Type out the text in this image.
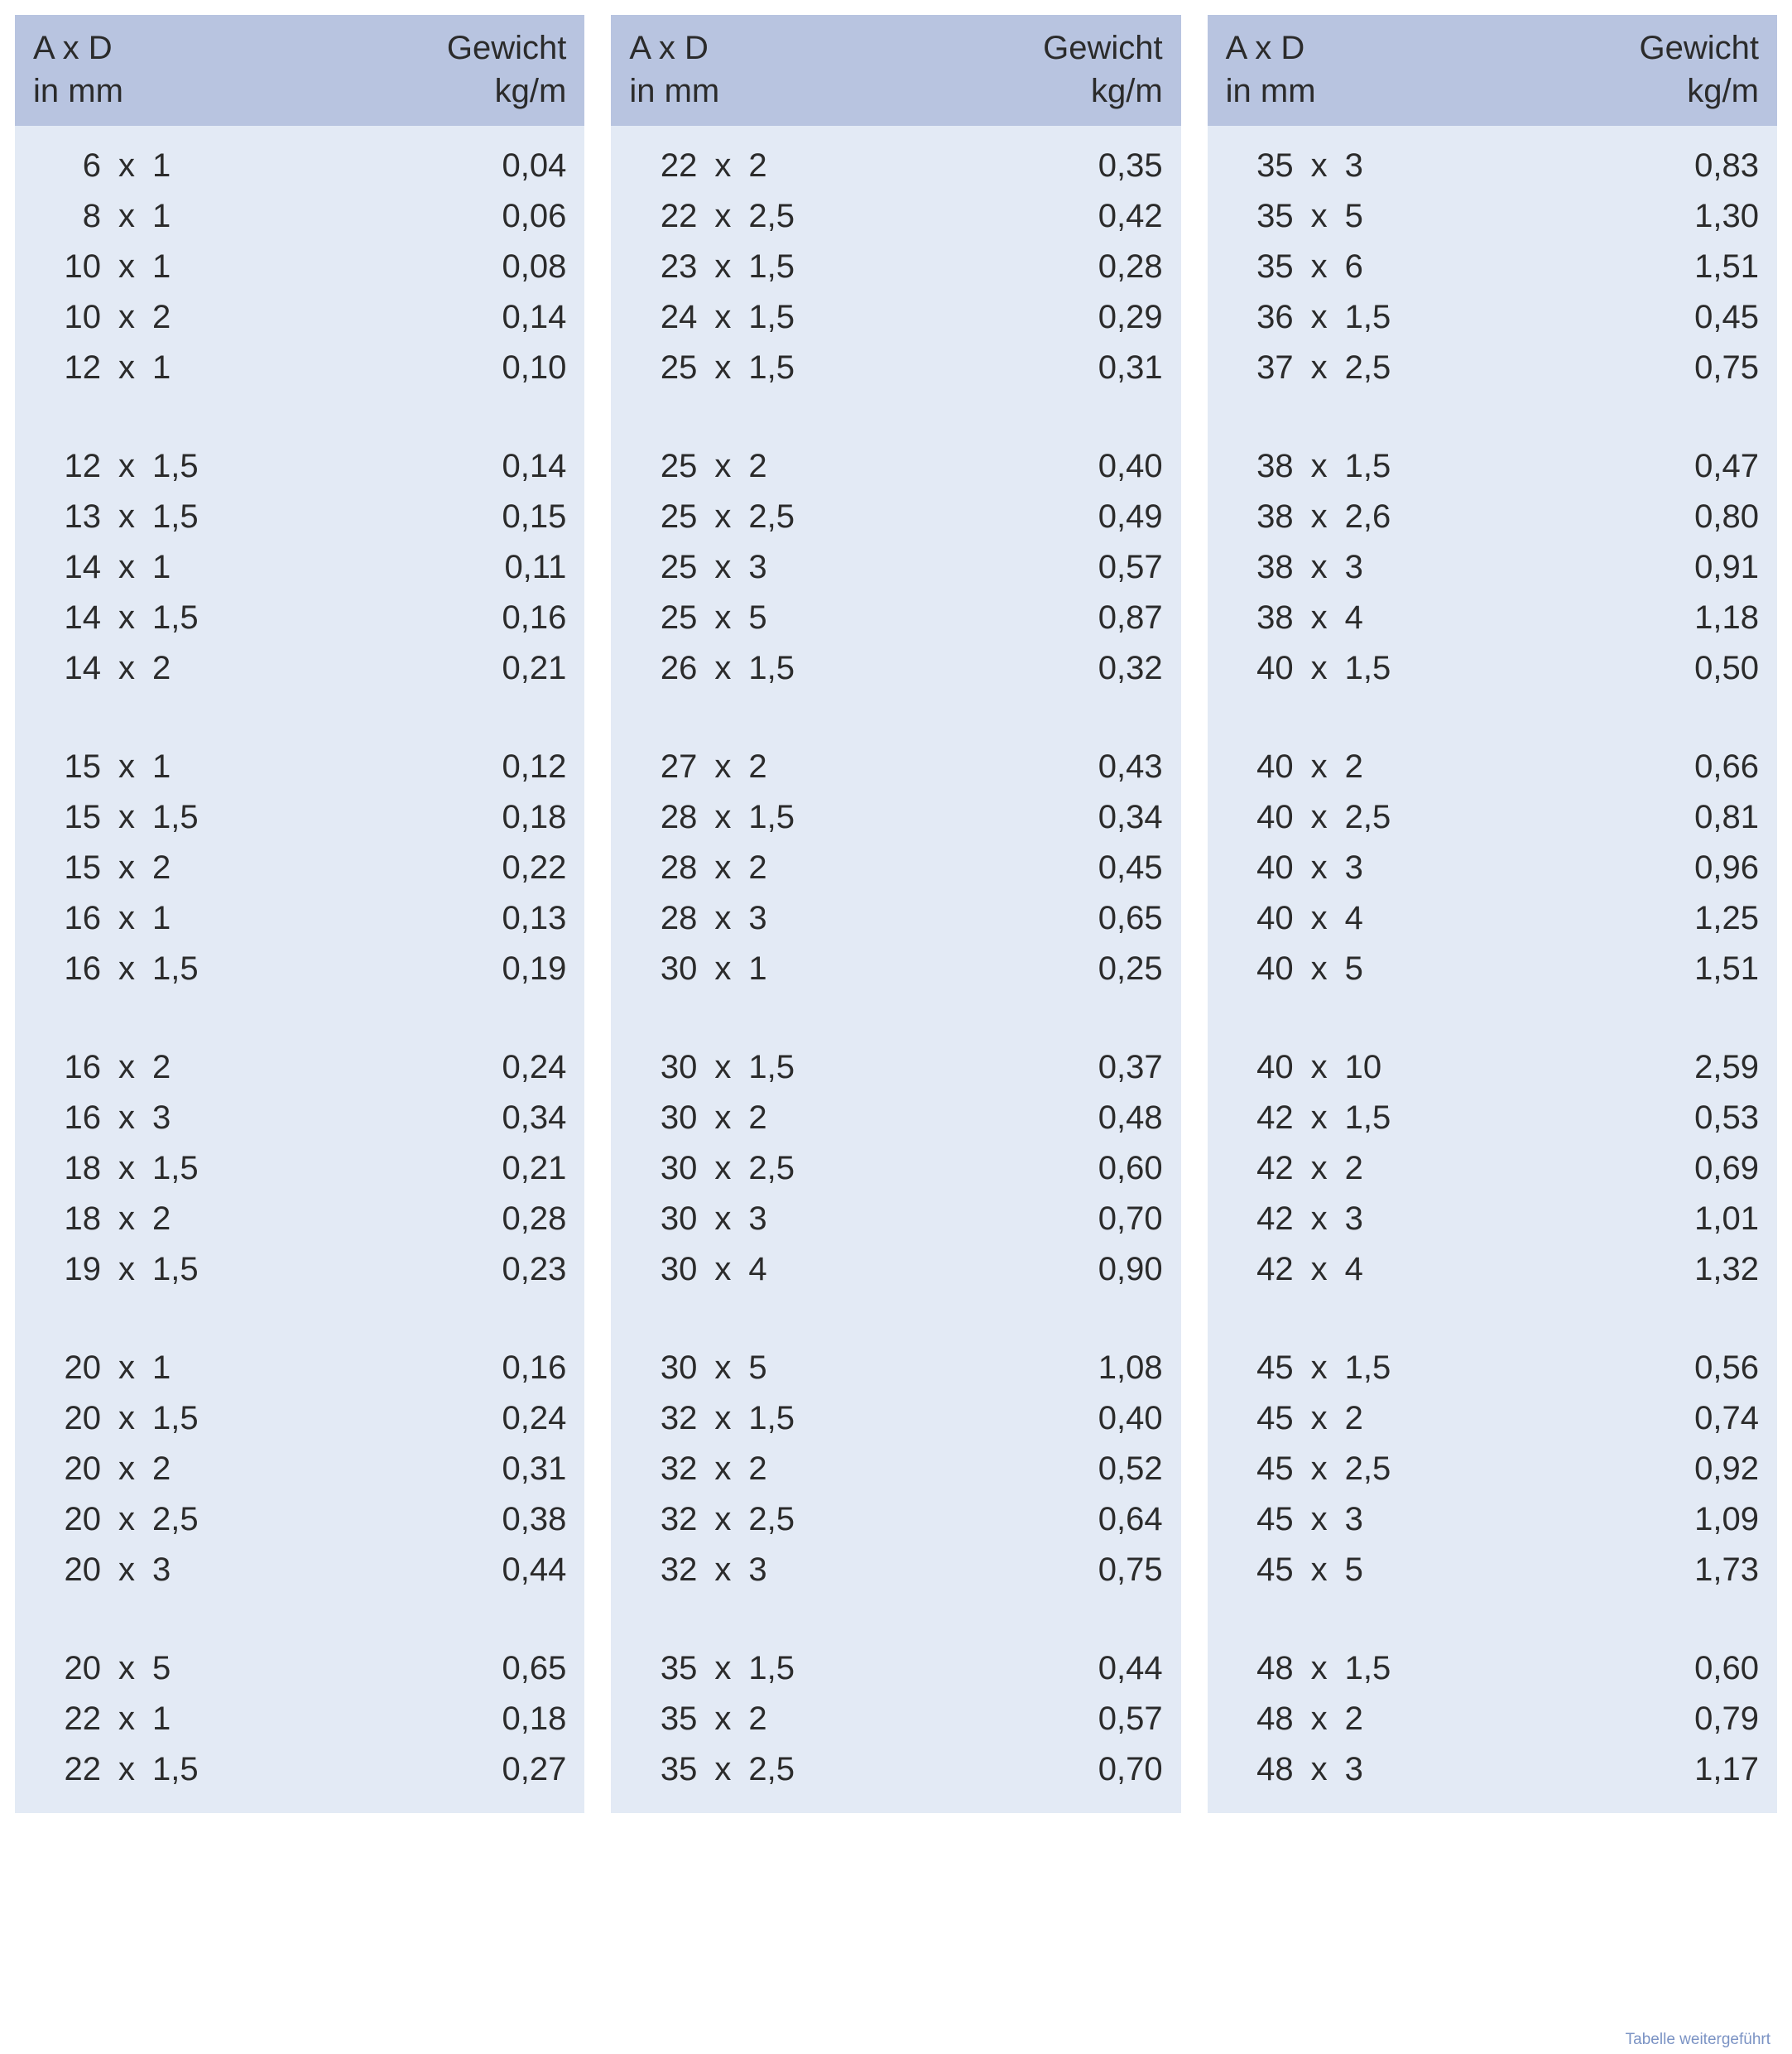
A x D
in mm
Gewicht
kg/m
6 x 1	0,04
8 x 1	0,06
10 x 1	0,08
10 x 2	0,14
12 x 1	0,10
12 x 1,5	0,14
13 x 1,5	0,15
14 x 1	0,11
14 x 1,5	0,16
14 x 2	0,21
15 x 1	0,12
15 x 1,5	0,18
15 x 2	0,22
16 x 1	0,13
16 x 1,5	0,19
16 x 2	0,24
16 x 3	0,34
18 x 1,5	0,21
18 x 2	0,28
19 x 1,5	0,23
20 x 1	0,16
20 x 1,5	0,24
20 x 2	0,31
20 x 2,5	0,38
20 x 3	0,44
20 x 5	0,65
22 x 1	0,18
22 x 1,5	0,27
A x D
in mm
Gewicht
kg/m
22 x 2	0,35
22 x 2,5	0,42
23 x 1,5	0,28
24 x 1,5	0,29
25 x 1,5	0,31
25 x 2	0,40
25 x 2,5	0,49
25 x 3	0,57
25 x 5	0,87
26 x 1,5	0,32
27 x 2	0,43
28 x 1,5	0,34
28 x 2	0,45
28 x 3	0,65
30 x 1	0,25
30 x 1,5	0,37
30 x 2	0,48
30 x 2,5	0,60
30 x 3	0,70
30 x 4	0,90
30 x 5	1,08
32 x 1,5	0,40
32 x 2	0,52
32 x 2,5	0,64
32 x 3	0,75
35 x 1,5	0,44
35 x 2	0,57
35 x 2,5	0,70
A x D
in mm
Gewicht
kg/m
35 x 3	0,83
35 x 5	1,30
35 x 6	1,51
36 x 1,5	0,45
37 x 2,5	0,75
38 x 1,5	0,47
38 x 2,6	0,80
38 x 3	0,91
38 x 4	1,18
40 x 1,5	0,50
40 x 2	0,66
40 x 2,5	0,81
40 x 3	0,96
40 x 4	1,25
40 x 5	1,51
40 x 10	2,59
42 x 1,5	0,53
42 x 2	0,69
42 x 3	1,01
42 x 4	1,32
45 x 1,5	0,56
45 x 2	0,74
45 x 2,5	0,92
45 x 3	1,09
45 x 5	1,73
48 x 1,5	0,60
48 x 2	0,79
48 x 3	1,17
Tabelle weitergeführt
